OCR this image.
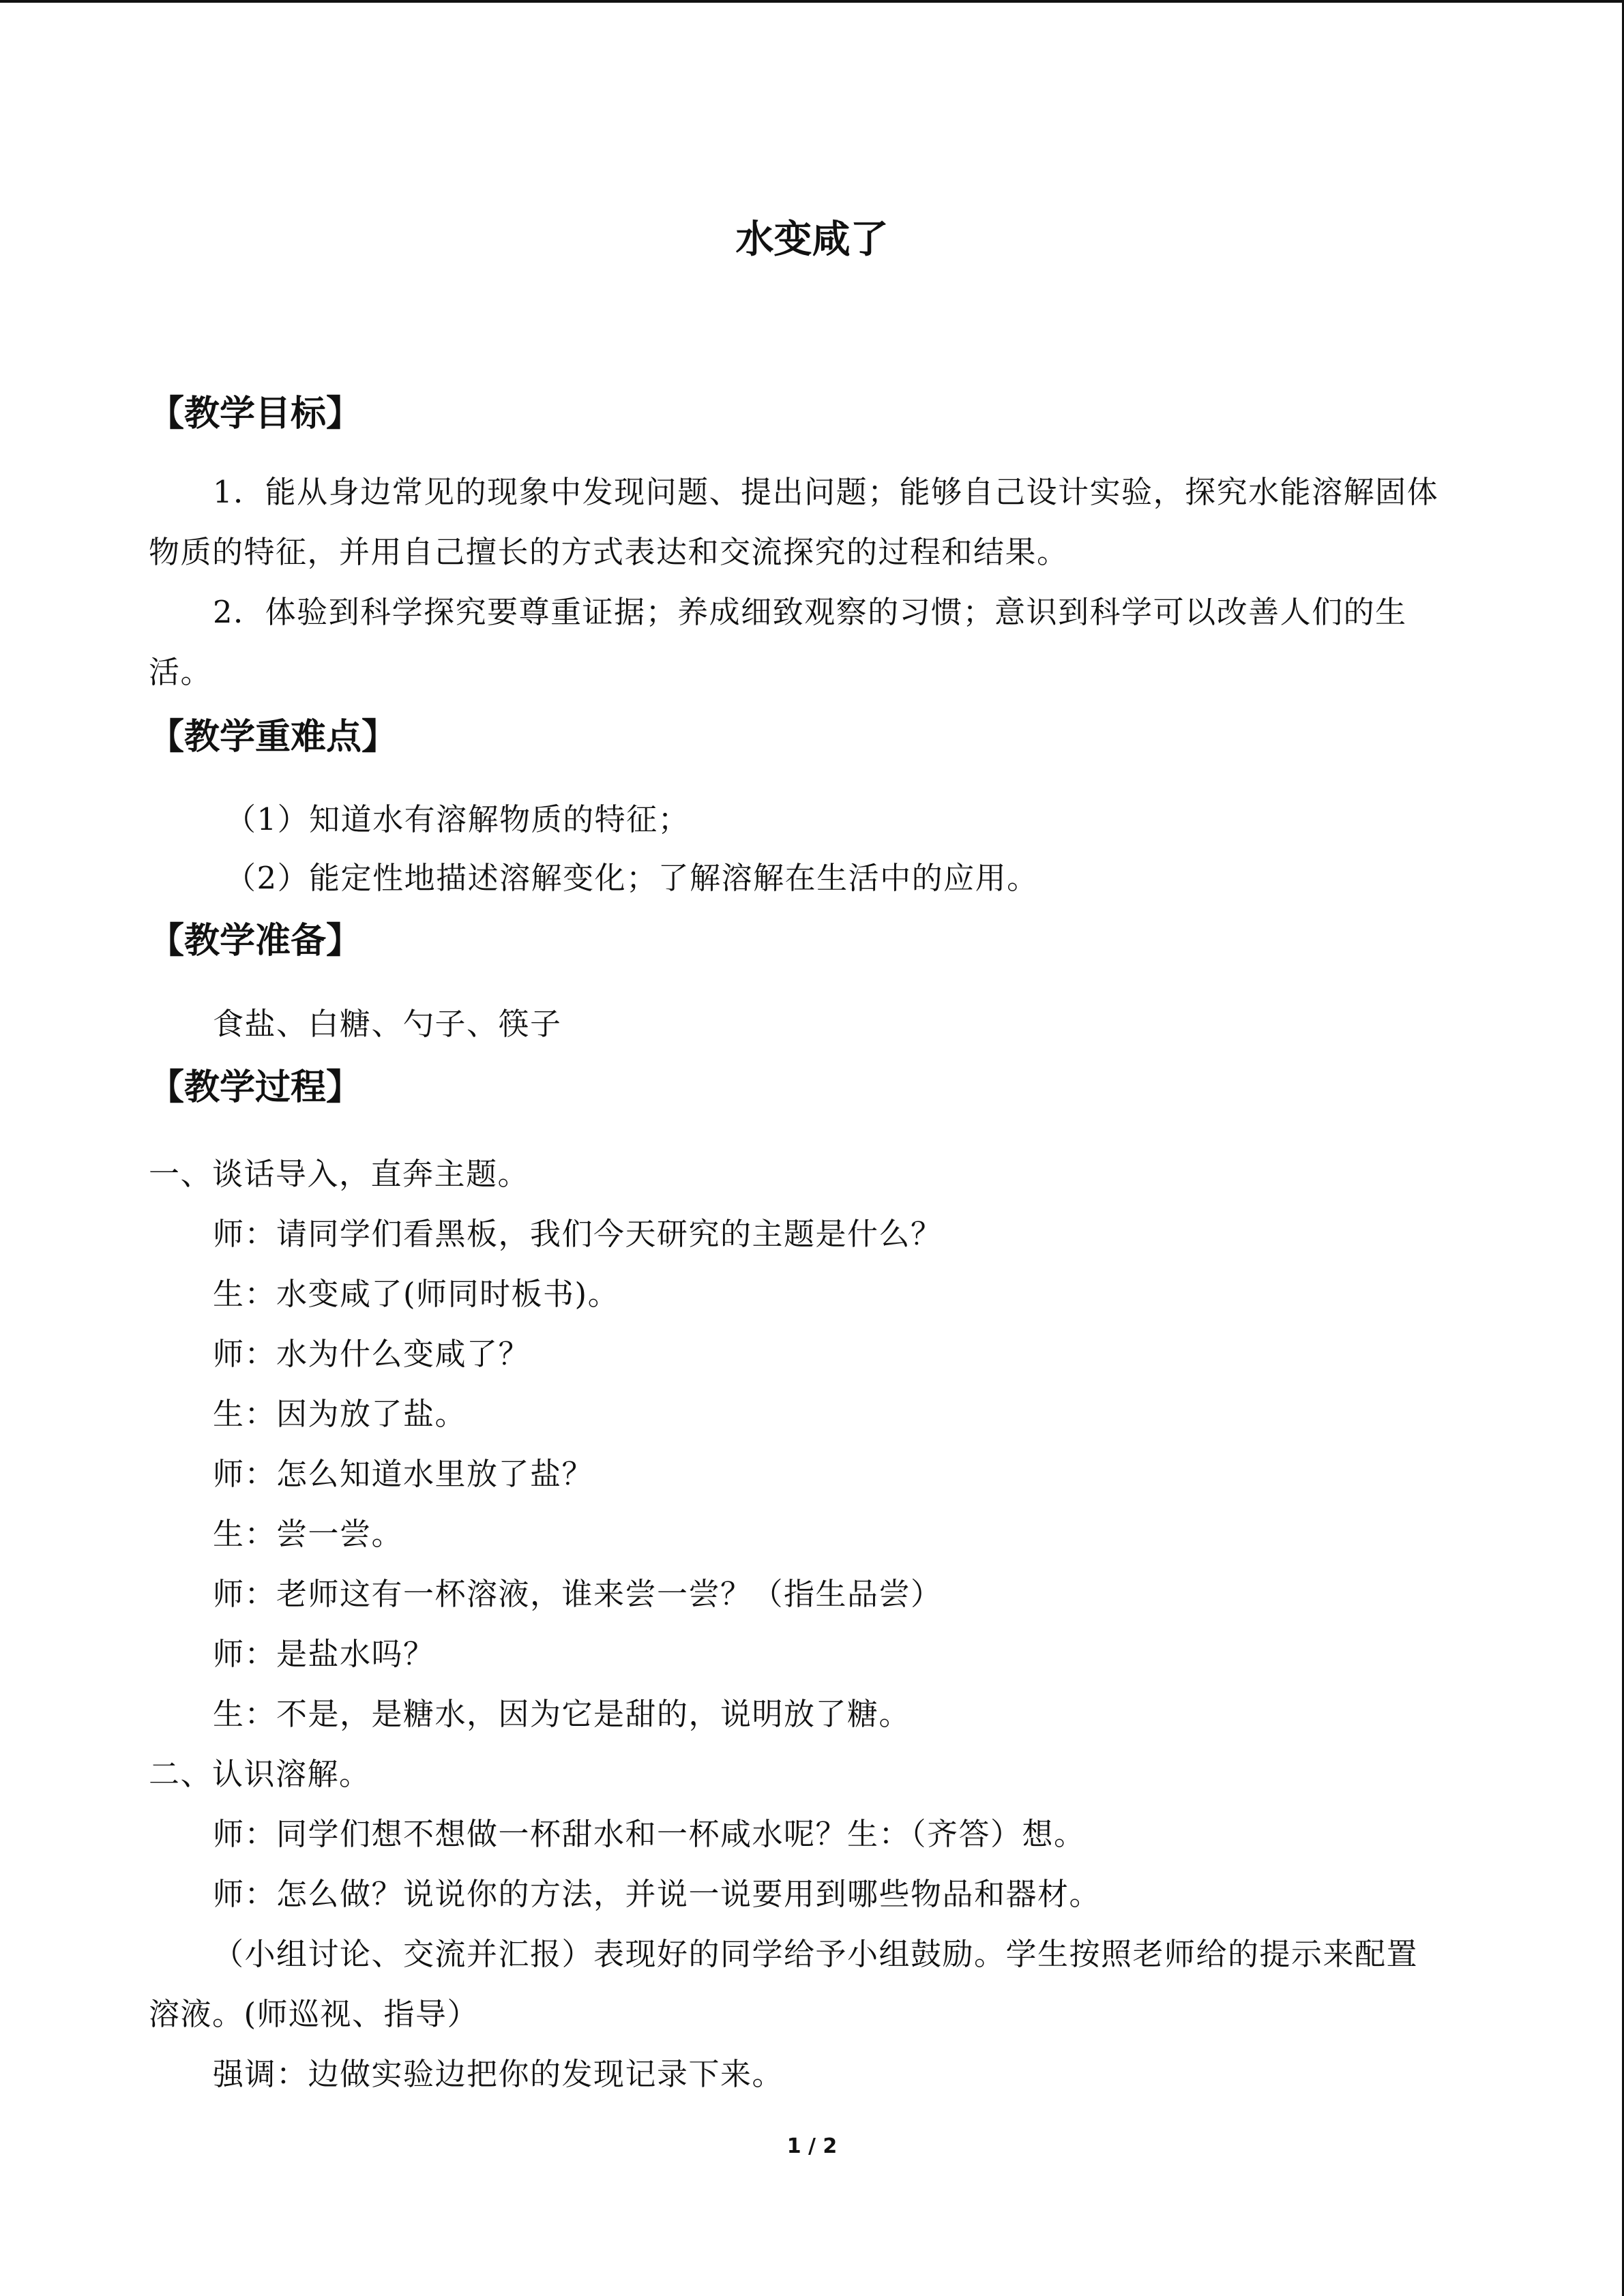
水变咸了
【教学目标】
1．能从身边常见的现象中发现问题、提出问题；能够自己设计实验，探究水能溶解固体
物质的特征，并用自己擅长的方式表达和交流探究的过程和结果。
2．体验到科学探究要尊重证据；养成细致观察的习惯；意识到科学可以改善人们的生
活。
【教学重难点】
（1）知道水有溶解物质的特征；
（2）能定性地描述溶解变化；了解溶解在生活中的应用。
【教学准备】
食盐、白糖、勺子、筷子
【教学过程】
一、谈话导入，直奔主题。
师：请同学们看黑板，我们今天研究的主题是什么？
生：水变咸了(师同时板书)。
师：水为什么变咸了？
生：因为放了盐。
师：怎么知道水里放了盐？
生：尝一尝。
师：老师这有一杯溶液，谁来尝一尝？（指生品尝）
师：是盐水吗？
生：不是，是糖水，因为它是甜的，说明放了糖。
二、认识溶解。
师：同学们想不想做一杯甜水和一杯咸水呢？生：（齐答）想。
师：怎么做？说说你的方法，并说一说要用到哪些物品和器材。
（小组讨论、交流并汇报）表现好的同学给予小组鼓励。学生按照老师给的提示来配置
溶液。(师巡视、指导）
强调：边做实验边把你的发现记录下来。
1 / 2
